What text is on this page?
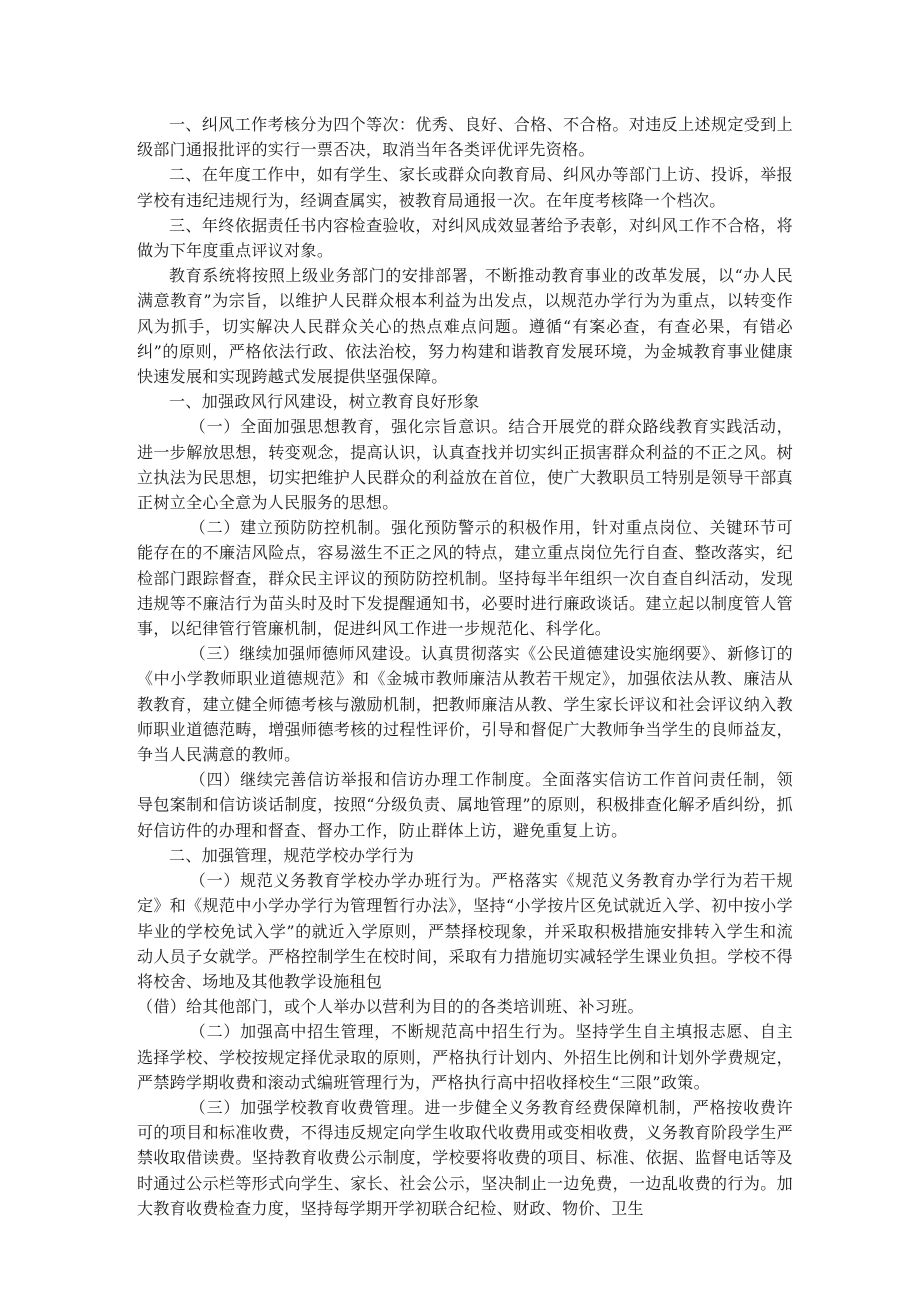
一、纠风工作考核分为四个等次：优秀、良好、合格、不合格。对违反上述规定受到上级部门通报批评的实行一票否决，取消当年各类评优评先资格。

二、在年度工作中，如有学生、家长或群众向教育局、纠风办等部门上访、投诉，举报学校有违纪违规行为，经调查属实，被教育局通报一次。在年度考核降一个档次。

三、年终依据责任书内容检查验收，对纠风成效显著给予表彰，对纠风工作不合格，将做为下年度重点评议对象。

教育系统将按照上级业务部门的安排部署，不断推动教育事业的改革发展，以“办人民满意教育”为宗旨，以维护人民群众根本利益为出发点，以规范办学行为为重点，以转变作风为抓手，切实解决人民群众关心的热点难点问题。遵循“有案必查，有查必果，有错必纠”的原则，严格依法行政、依法治校，努力构建和谐教育发展环境，为金城教育事业健康快速发展和实现跨越式发展提供坚强保障。

一、加强政风行风建设，树立教育良好形象

（一）全面加强思想教育，强化宗旨意识。结合开展党的群众路线教育实践活动，进一步解放思想，转变观念，提高认识，认真查找并切实纠正损害群众利益的不正之风。树立执法为民思想，切实把维护人民群众的利益放在首位，使广大教职员工特别是领导干部真正树立全心全意为人民服务的思想。

（二）建立预防防控机制。强化预防警示的积极作用，针对重点岗位、关键环节可能存在的不廉洁风险点，容易滋生不正之风的特点，建立重点岗位先行自查、整改落实，纪检部门跟踪督查，群众民主评议的预防防控机制。坚持每半年组织一次自查自纠活动，发现违规等不廉洁行为苗头时及时下发提醒通知书，必要时进行廉政谈话。建立起以制度管人管事，以纪律管行管廉机制，促进纠风工作进一步规范化、科学化。

（三）继续加强师德师风建设。认真贯彻落实《公民道德建设实施纲要》、新修订的《中小学教师职业道德规范》和《金城市教师廉洁从教若干规定》，加强依法从教、廉洁从教教育，建立健全师德考核与激励机制，把教师廉洁从教、学生家长评议和社会评议纳入教师职业道德范畴，增强师德考核的过程性评价，引导和督促广大教师争当学生的良师益友，争当人民满意的教师。

（四）继续完善信访举报和信访办理工作制度。全面落实信访工作首问责任制，领导包案制和信访谈话制度，按照“分级负责、属地管理”的原则，积极排查化解矛盾纠纷，抓好信访件的办理和督查、督办工作，防止群体上访，避免重复上访。

二、加强管理，规范学校办学行为

（一）规范义务教育学校办学办班行为。严格落实《规范义务教育办学行为若干规定》和《规范中小学办学行为管理暂行办法》，坚持“小学按片区免试就近入学、初中按小学毕业的学校免试入学”的就近入学原则，严禁择校现象，并采取积极措施安排转入学生和流动人员子女就学。严格控制学生在校时间，采取有力措施切实减轻学生课业负担。学校不得将校舍、场地及其他教学设施租包

（借）给其他部门，或个人举办以营利为目的的各类培训班、补习班。

（二）加强高中招生管理，不断规范高中招生行为。坚持学生自主填报志愿、自主选择学校、学校按规定择优录取的原则，严格执行计划内、外招生比例和计划外学费规定，严禁跨学期收费和滚动式编班管理行为，严格执行高中招收择校生“三限”政策。

（三）加强学校教育收费管理。进一步健全义务教育经费保障机制，严格按收费许可的项目和标准收费，不得违反规定向学生收取代收费用或变相收费，义务教育阶段学生严禁收取借读费。坚持教育收费公示制度，学校要将收费的项目、标准、依据、监督电话等及时通过公示栏等形式向学生、家长、社会公示，坚决制止一边免费，一边乱收费的行为。加大教育收费检查力度，坚持每学期开学初联合纪检、财政、物价、卫生
